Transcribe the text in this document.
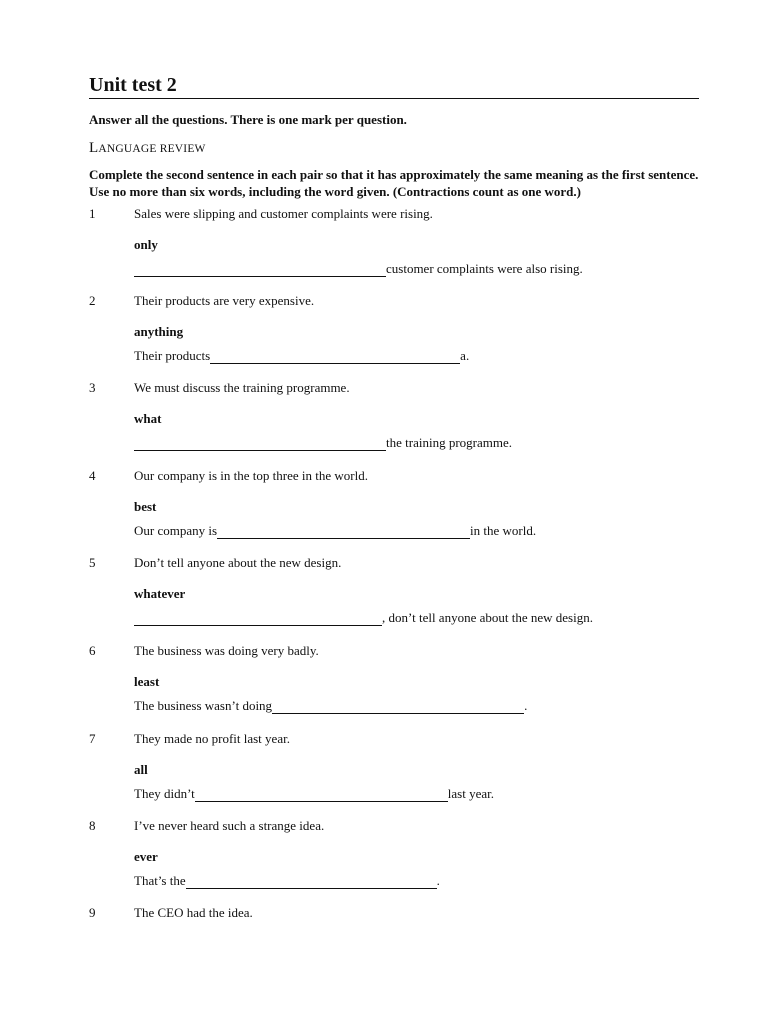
Unit test 2
Answer all the questions. There is one mark per question.
LANGUAGE REVIEW
Complete the second sentence in each pair so that it has approximately the same meaning as the first sentence. Use no more than six words, including the word given. (Contractions count as one word.)
1	Sales were slipping and customer complaints were rising.
only
customer complaints were also rising.
2	Their products are very expensive.
anything
Their products	a.
3	We must discuss the training programme.
what
the training programme.
4	Our company is in the top three in the world.
best
Our company is	in the world.
5	Don’t tell anyone about the new design.
whatever
, don’t tell anyone about the new design.
6	The business was doing very badly.
least
The business wasn’t doing	.
7	They made no profit last year.
all
They didn’t	last year.
8	I’ve never heard such a strange idea.
ever
That’s the	.
9	The CEO had the idea.
